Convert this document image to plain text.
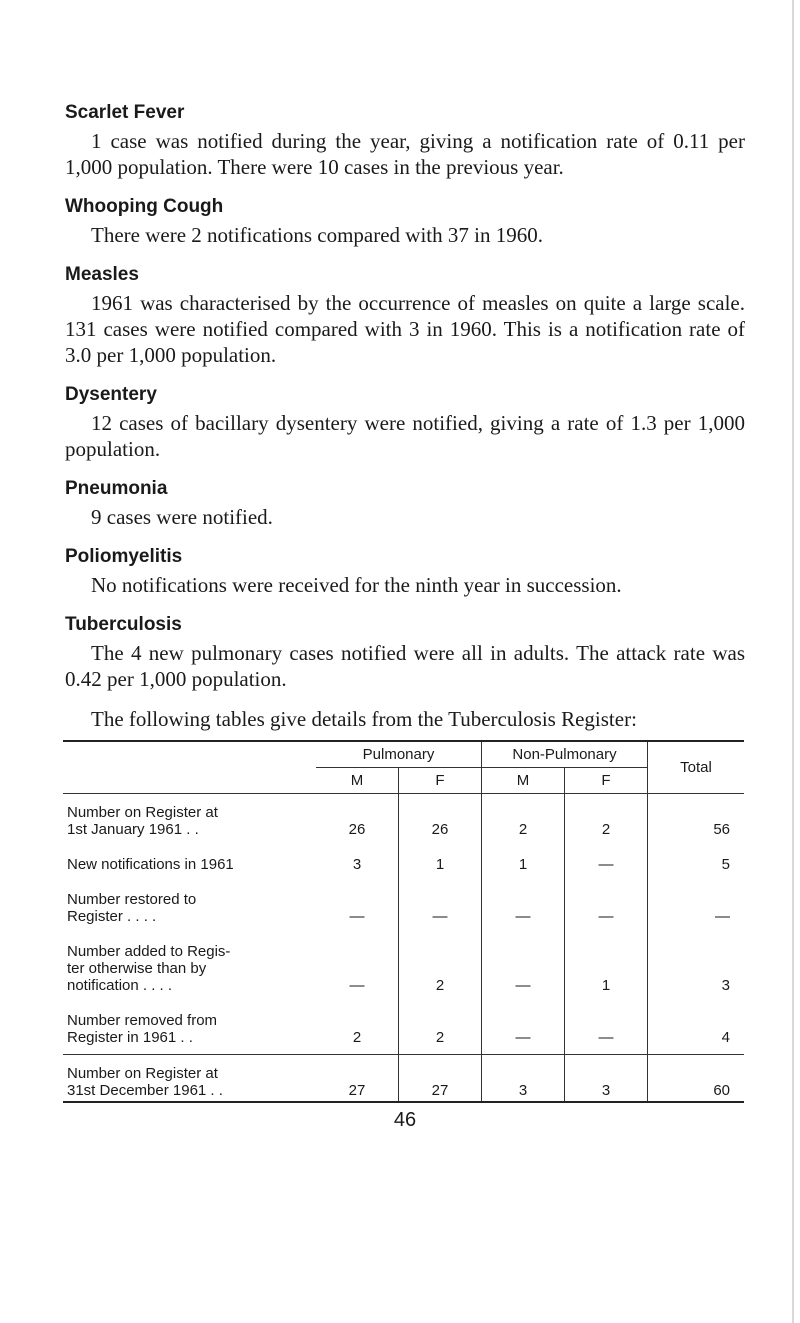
Scarlet Fever

1 case was notified during the year, giving a notification rate of 0.11 per 1,000 population. There were 10 cases in the previous year.

Whooping Cough

There were 2 notifications compared with 37 in 1960.

Measles

1961 was characterised by the occurrence of measles on quite a large scale. 131 cases were notified compared with 3 in 1960. This is a notification rate of 3.0 per 1,000 population.

Dysentery

12 cases of bacillary dysentery were notified, giving a rate of 1.3 per 1,000 population.

Pneumonia

9 cases were notified.

Poliomyelitis

No notifications were received for the ninth year in succession.

Tuberculosis

The 4 new pulmonary cases notified were all in adults. The attack rate was 0.42 per 1,000 population.

The following tables give details from the Tuberculosis Register:

	Pulmonary		Non-Pulmonary		Total
	M	F	M	F	
Number on Register at
1st January 1961 . .	26	26	2	2	56
New notifications in 1961	3	1	1	—	5
Number restored to
Register . . . .	—	—	—	—	—
Number added to Regis-
ter otherwise than by
notification . . . .	—	2	—	1	3
Number removed from
Register in 1961 . .	2	2	—	—	4
Number on Register at
31st December 1961 . .	27	27	3	3	60
46
